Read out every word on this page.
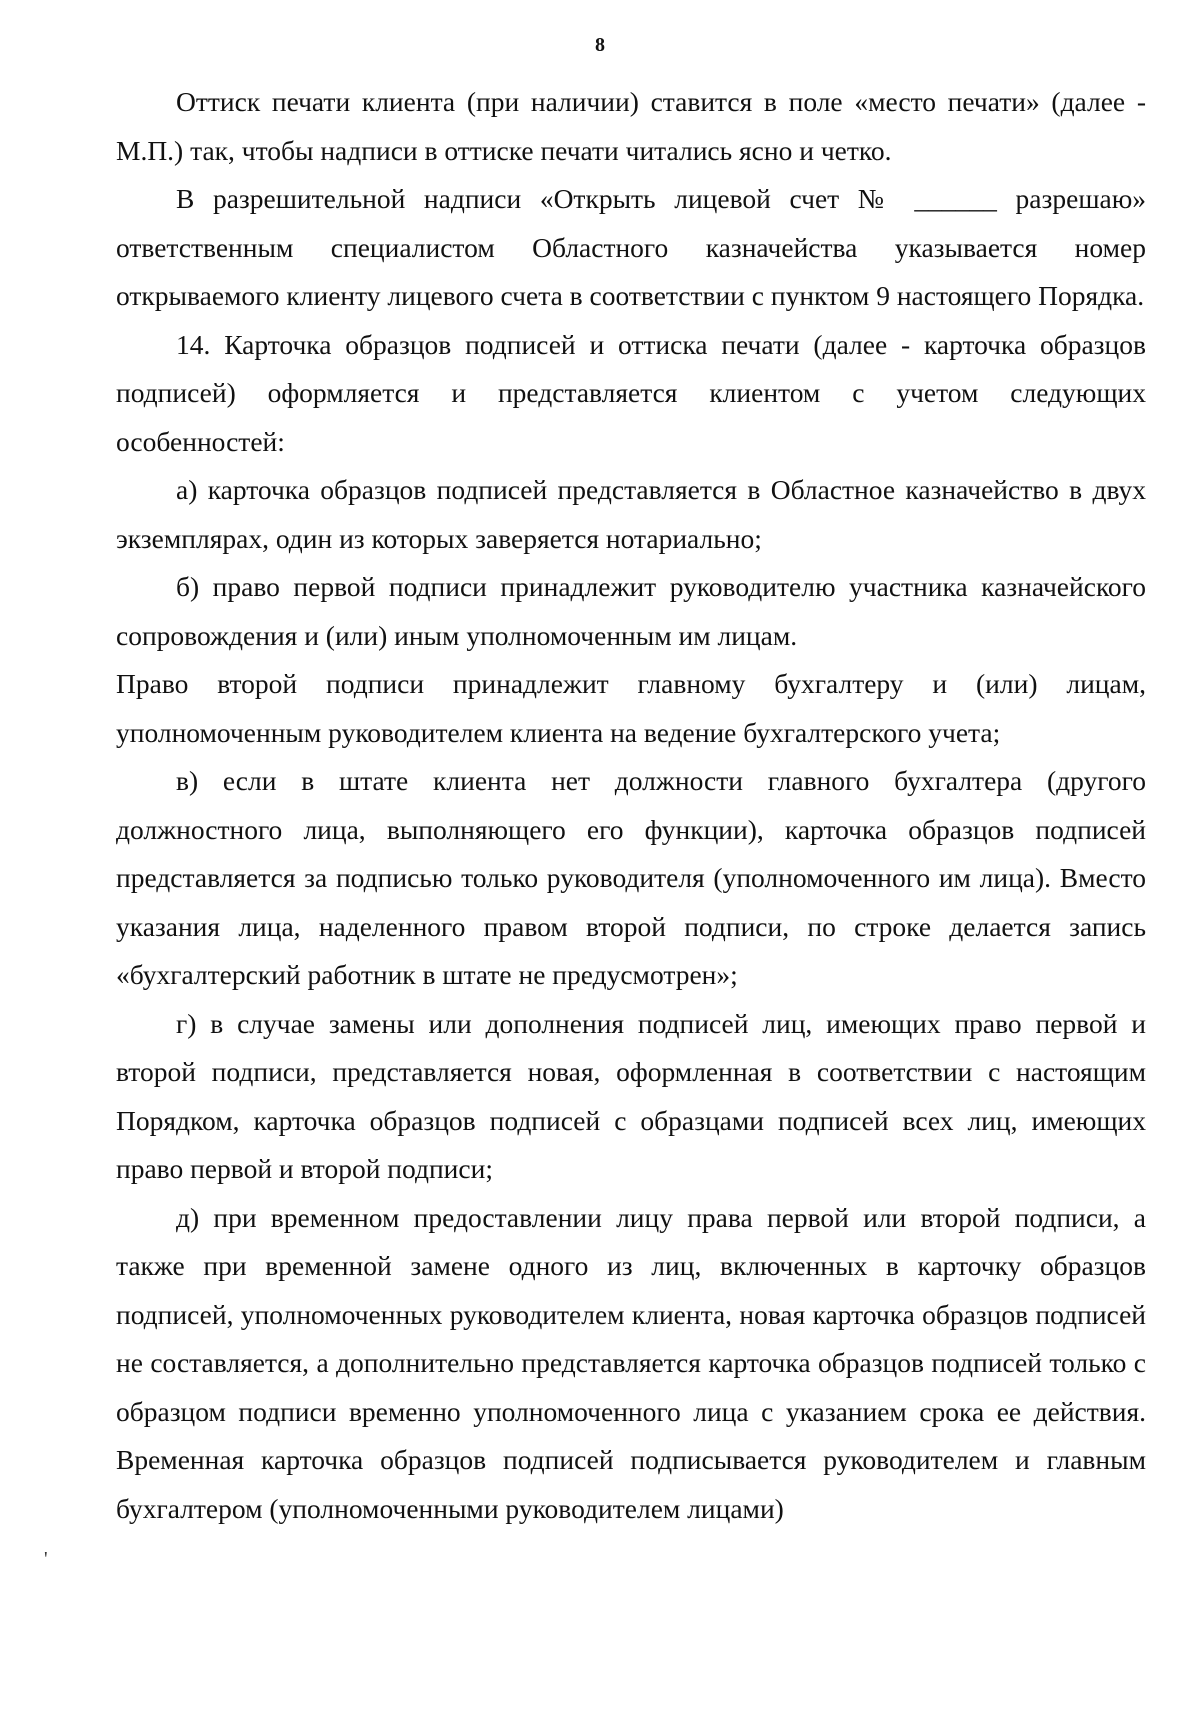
8

Оттиск печати клиента (при наличии) ставится в поле «место печати» (далее - М.П.) так, чтобы надписи в оттиске печати читались ясно и четко.

В разрешительной надписи «Открыть лицевой счет № ______ разрешаю» ответственным специалистом Областного казначейства указывается номер открываемого клиенту лицевого счета в соответствии с пунктом 9 настоящего Порядка.

14. Карточка образцов подписей и оттиска печати (далее - карточка образцов подписей) оформляется и представляется клиентом с учетом следующих особенностей:

а) карточка образцов подписей представляется в Областное казначейство в двух экземплярах, один из которых заверяется нотариально;

б) право первой подписи принадлежит руководителю участника казначейского сопровождения и (или) иным уполномоченным им лицам.

Право второй подписи принадлежит главному бухгалтеру и (или) лицам, уполномоченным руководителем клиента на ведение бухгалтерского учета;

в) если в штате клиента нет должности главного бухгалтера (другого должностного лица, выполняющего его функции), карточка образцов подписей представляется за подписью только руководителя (уполномоченного им лица). Вместо указания лица, наделенного правом второй подписи, по строке делается запись «бухгалтерский работник в штате не предусмотрен»;

г) в случае замены или дополнения подписей лиц, имеющих право первой и второй подписи, представляется новая, оформленная в соответствии с настоящим Порядком, карточка образцов подписей с образцами подписей всех лиц, имеющих право первой и второй подписи;

д) при временном предоставлении лицу права первой или второй подписи, а также при временной замене одного из лиц, включенных в карточку образцов подписей, уполномоченных руководителем клиента, новая карточка образцов подписей не составляется, а дополнительно представляется карточка образцов подписей только с образцом подписи временно уполномоченного лица с указанием срока ее действия. Временная карточка образцов подписей подписывается руководителем и главным бухгалтером (уполномоченными руководителем лицами)

'
